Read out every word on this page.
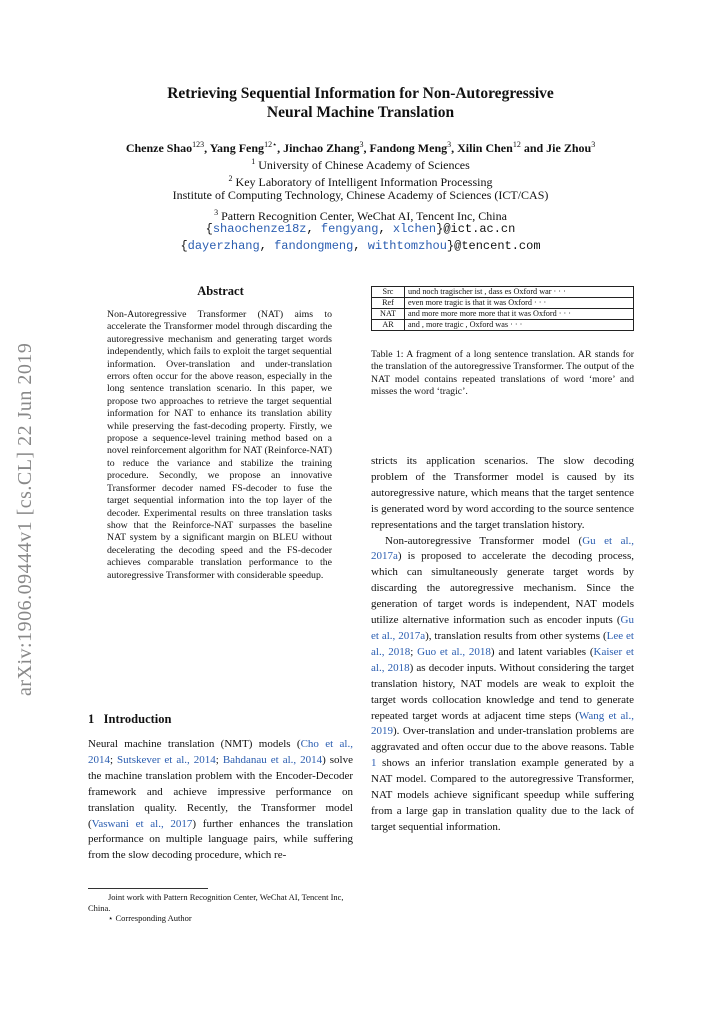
Retrieving Sequential Information for Non-Autoregressive
Neural Machine Translation
Chenze Shao$^{123}$, Yang Feng$^{12⋆}$, Jinchao Zhang$^3$, Fandong Meng$^3$, Xilin Chen$^{12}$ and Jie Zhou$^3$
$^1$ University of Chinese Academy of Sciences
$^2$ Key Laboratory of Intelligent Information Processing
Institute of Computing Technology, Chinese Academy of Sciences (ICT/CAS)
$^3$ Pattern Recognition Center, WeChat AI, Tencent Inc, China
{shaochenze18z, fengyang, xlchen}@ict.ac.cn
{dayerzhang, fandongmeng, withtomzhou}@tencent.com
arXiv:1906.09444v1 [cs.CL] 22 Jun 2019
Abstract
Non-Autoregressive Transformer (NAT) aims to accelerate the Transformer model through discarding the autoregressive mechanism and generating target words independently, which fails to exploit the target sequential information. Over-translation and under-translation errors often occur for the above reason, especially in the long sentence translation scenario. In this paper, we propose two approaches to retrieve the target sequential information for NAT to enhance its translation ability while preserving the fast-decoding property. Firstly, we propose a sequence-level training method based on a novel reinforcement algorithm for NAT (Reinforce-NAT) to reduce the variance and stabilize the training procedure. Secondly, we propose an innovative Transformer decoder named FS-decoder to fuse the target sequential information into the top layer of the decoder. Experimental results on three translation tasks show that the Reinforce-NAT surpasses the baseline NAT system by a significant margin on BLEU without decelerating the decoding speed and the FS-decoder achieves comparable translation performance to the autoregressive Transformer with considerable speedup.
1 Introduction
Neural machine translation (NMT) models (Cho et al., 2014; Sutskever et al., 2014; Bahdanau et al., 2014) solve the machine translation problem with the Encoder-Decoder framework and achieve impressive performance on translation quality. Recently, the Transformer model (Vaswani et al., 2017) further enhances the translation performance on multiple language pairs, while suffering from the slow decoding procedure, which re-
Joint work with Pattern Recognition Center, WeChat AI, Tencent Inc, China.
⋆ Corresponding Author
Src	und noch tragischer ist , dass es Oxford war · · ·
Ref	even more tragic is that it was Oxford · · ·
NAT	and more more more more that it was Oxford · · ·
AR	and , more tragic , Oxford was · · ·
Table 1: A fragment of a long sentence translation. AR stands for the translation of the autoregressive Transformer. The output of the NAT model contains repeated translations of word ‘more’ and misses the word ‘tragic’.

stricts its application scenarios. The slow decoding problem of the Transformer model is caused by its autoregressive nature, which means that the target sentence is generated word by word according to the source sentence representations and the target translation history.

Non-autoregressive Transformer model (Gu et al., 2017a) is proposed to accelerate the decoding process, which can simultaneously generate target words by discarding the autoregressive mechanism. Since the generation of target words is independent, NAT models utilize alternative information such as encoder inputs (Gu et al., 2017a), translation results from other systems (Lee et al., 2018; Guo et al., 2018) and latent variables (Kaiser et al., 2018) as decoder inputs. Without considering the target translation history, NAT models are weak to exploit the target words collocation knowledge and tend to generate repeated target words at adjacent time steps (Wang et al., 2019). Over-translation and under-translation problems are aggravated and often occur due to the above reasons. Table 1 shows an inferior translation example generated by a NAT model. Compared to the autoregressive Transformer, NAT models achieve significant speedup while suffering from a large gap in translation quality due to the lack of target sequential information.
